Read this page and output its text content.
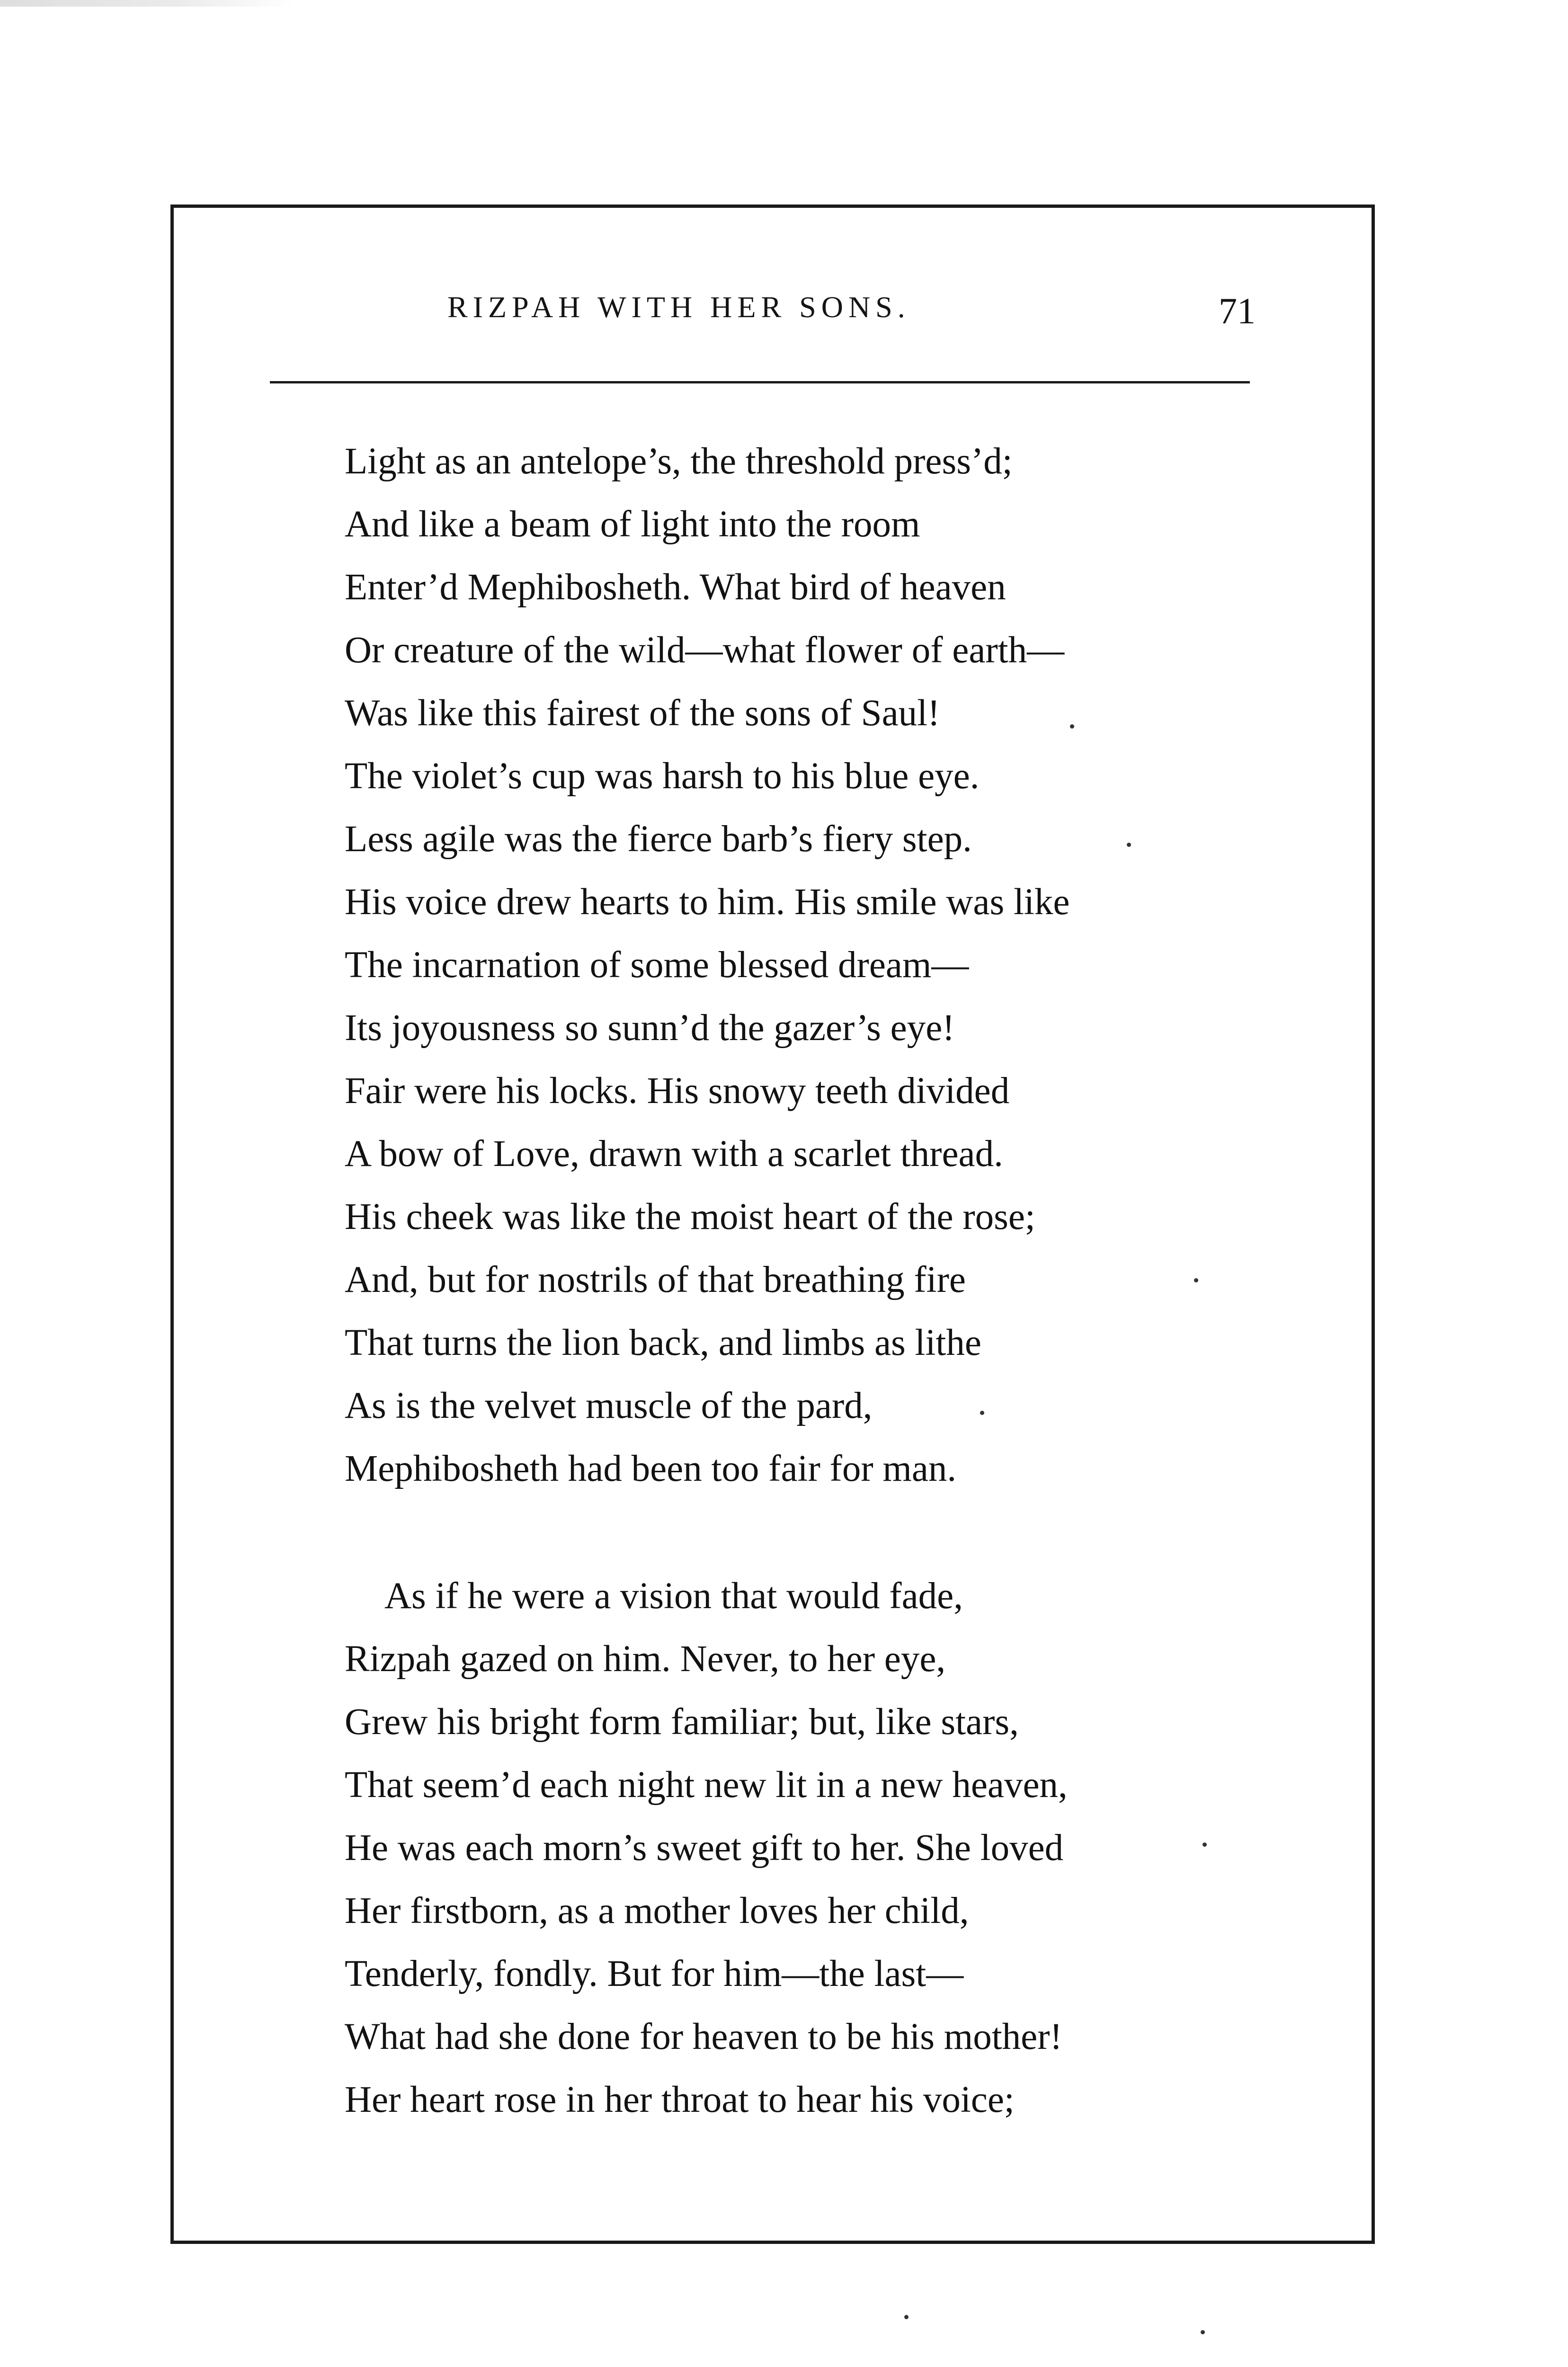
RIZPAH WITH HER SONS.	71
Light as an antelope’s, the threshold press’d;
And like a beam of light into the room
Enter’d Mephibosheth. What bird of heaven
Or creature of the wild—what flower of earth—
Was like this fairest of the sons of Saul!
The violet’s cup was harsh to his blue eye.
Less agile was the fierce barb’s fiery step.
His voice drew hearts to him. His smile was like
The incarnation of some blessed dream—
Its joyousness so sunn’d the gazer’s eye!
Fair were his locks. His snowy teeth divided
A bow of Love, drawn with a scarlet thread.
His cheek was like the moist heart of the rose;
And, but for nostrils of that breathing fire
That turns the lion back, and limbs as lithe
As is the velvet muscle of the pard,
Mephibosheth had been too fair for man.
As if he were a vision that would fade,
Rizpah gazed on him. Never, to her eye,
Grew his bright form familiar; but, like stars,
That seem’d each night new lit in a new heaven,
He was each morn’s sweet gift to her. She loved
Her firstborn, as a mother loves her child,
Tenderly, fondly. But for him—the last—
What had she done for heaven to be his mother!
Her heart rose in her throat to hear his voice;
